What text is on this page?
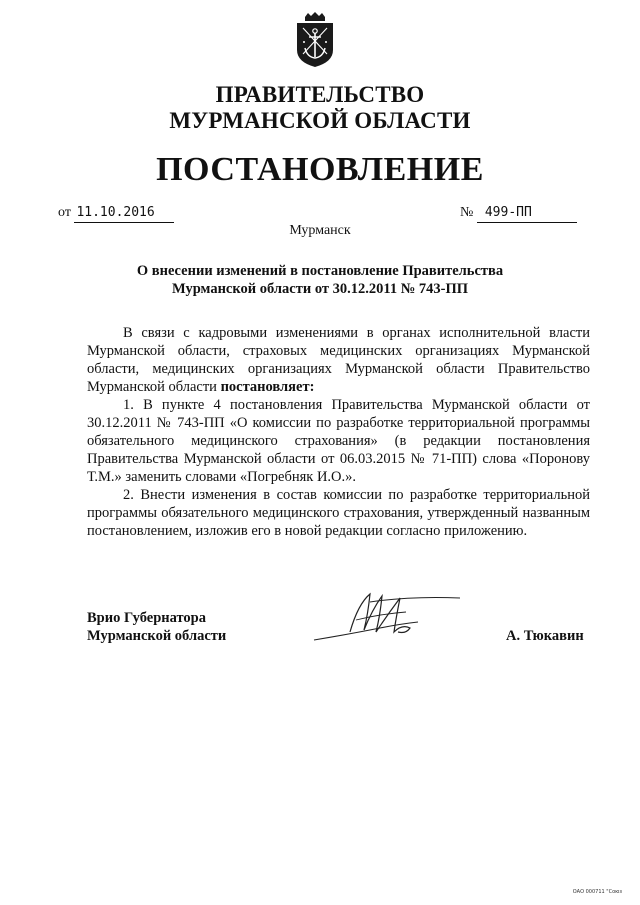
ПРАВИТЕЛЬСТВО
МУРМАНСКОЙ ОБЛАСТИ
ПОСТАНОВЛЕНИЕ
от 11.10.2016	№ 499-ПП
Мурманск
О внесении изменений в постановление Правительства
Мурманской области от 30.12.2011 № 743-ПП

В связи с кадровыми изменениями в органах исполнительной власти Мурманской области, страховых медицинских организациях Мурманской области, медицинских организациях Мурманской области Правительство Мурманской области постановляет:

1. В пункте 4 постановления Правительства Мурманской области от 30.12.2011 № 743-ПП «О комиссии по разработке территориальной программы обязательного медицинского страхования» (в редакции постановления Правительства Мурманской области от 06.03.2015 № 71-ПП) слова «Поронову Т.М.» заменить словами «Погребняк И.О.».

2. Внести изменения в состав комиссии по разработке территориальной программы обязательного медицинского страхования, утвержденный названным постановлением, изложив его в новой редакции согласно приложению.

Врио Губернатора
Мурманской области	А. Тюкавин
ОАО 000711 "Союз
